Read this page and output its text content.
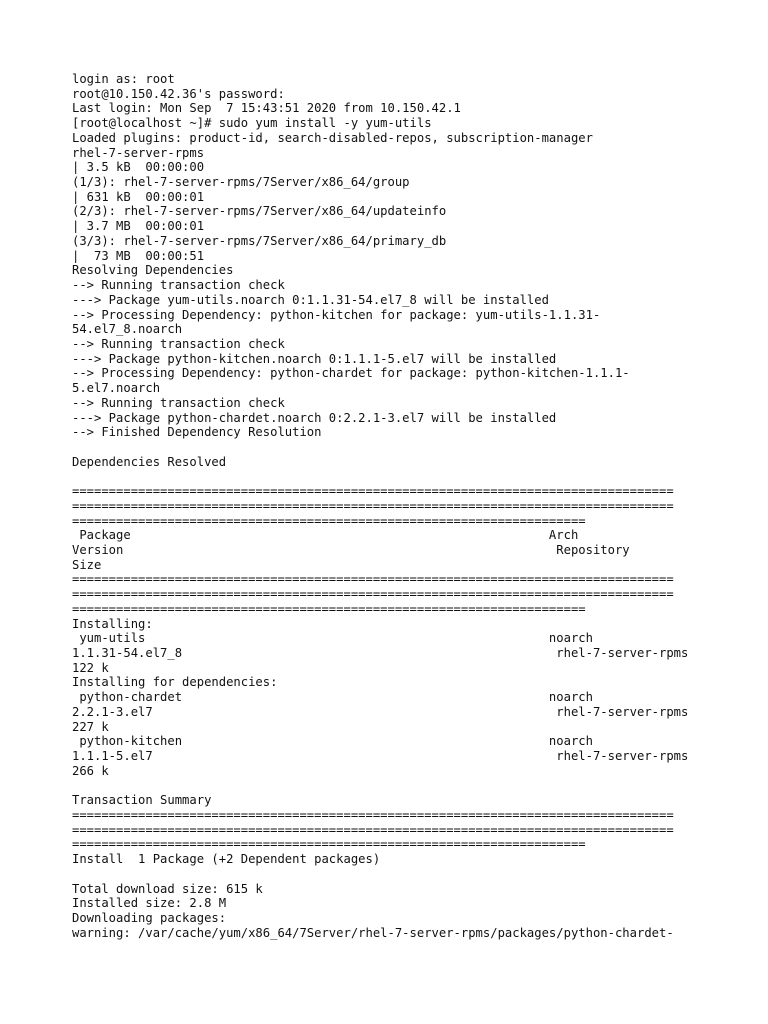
login as: root
root@10.150.42.36's password:
Last login: Mon Sep  7 15:43:51 2020 from 10.150.42.1
[root@localhost ~]# sudo yum install -y yum-utils
Loaded plugins: product-id, search-disabled-repos, subscription-manager
rhel-7-server-rpms
| 3.5 kB  00:00:00
(1/3): rhel-7-server-rpms/7Server/x86_64/group
| 631 kB  00:00:01
(2/3): rhel-7-server-rpms/7Server/x86_64/updateinfo
| 3.7 MB  00:00:01
(3/3): rhel-7-server-rpms/7Server/x86_64/primary_db
|  73 MB  00:00:51
Resolving Dependencies
--> Running transaction check
---> Package yum-utils.noarch 0:1.1.31-54.el7_8 will be installed
--> Processing Dependency: python-kitchen for package: yum-utils-1.1.31-
54.el7_8.noarch
--> Running transaction check
---> Package python-kitchen.noarch 0:1.1.1-5.el7 will be installed
--> Processing Dependency: python-chardet for package: python-kitchen-1.1.1-
5.el7.noarch
--> Running transaction check
---> Package python-chardet.noarch 0:2.2.1-3.el7 will be installed
--> Finished Dependency Resolution
Dependencies Resolved
==================================================================================
==================================================================================
======================================================================
Package                                                         Arch
Version                                                           Repository
Size
==================================================================================
==================================================================================
======================================================================
Installing:
yum-utils                                                       noarch
1.1.31-54.el7_8                                                   rhel-7-server-rpms
122 k
Installing for dependencies:
python-chardet                                                  noarch
2.2.1-3.el7                                                       rhel-7-server-rpms
227 k
python-kitchen                                                  noarch
1.1.1-5.el7                                                       rhel-7-server-rpms
266 k
Transaction Summary
==================================================================================
==================================================================================
======================================================================
Install  1 Package (+2 Dependent packages)
Total download size: 615 k
Installed size: 2.8 M
Downloading packages:
warning: /var/cache/yum/x86_64/7Server/rhel-7-server-rpms/packages/python-chardet-
